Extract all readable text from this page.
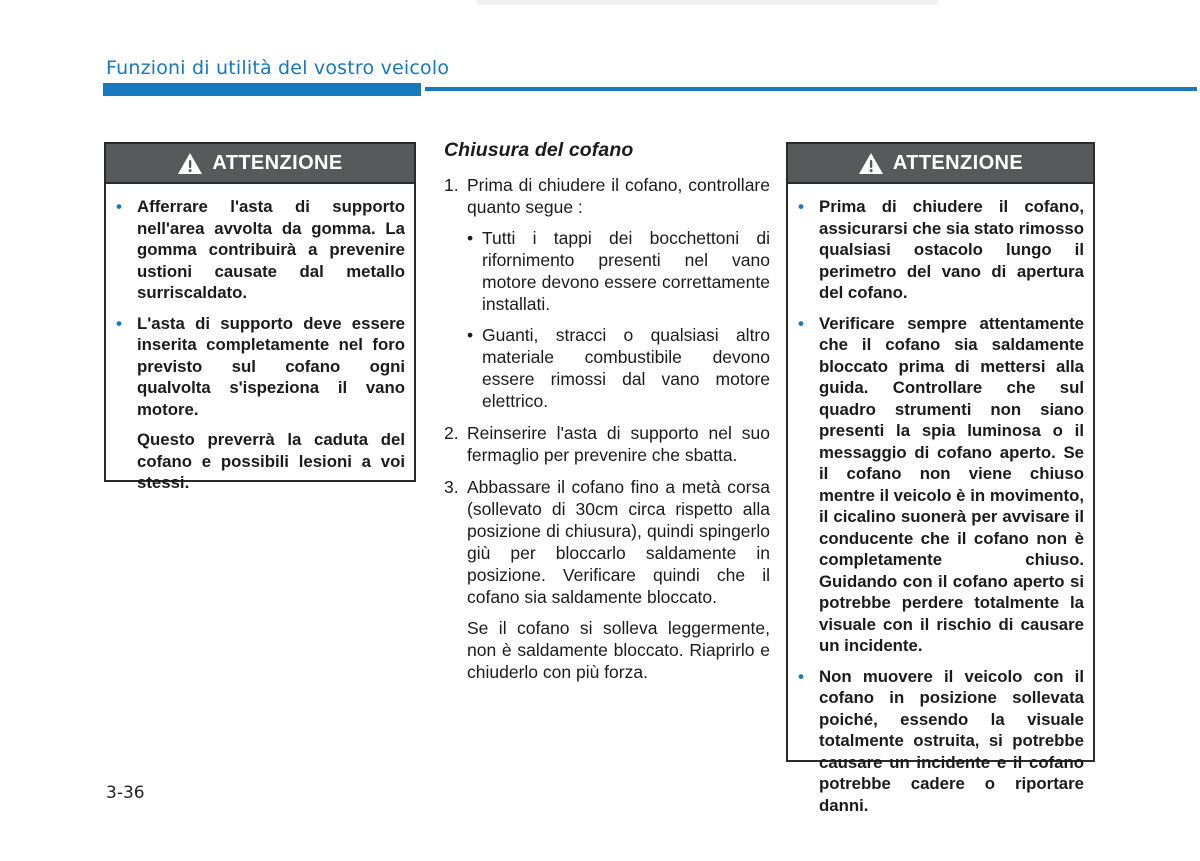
Funzioni di utilità del vostro veicolo
ATTENZIONE
• Afferrare l'asta di supporto nell'area avvolta da gomma. La gomma contribuirà a prevenire ustioni causate dal metallo surriscaldato.
• L'asta di supporto deve essere inserita completamente nel foro previsto sul cofano ogni qualvolta s'ispeziona il vano motore.
Questo preverrà la caduta del cofano e possibili lesioni a voi stessi.
Chiusura del cofano
1. Prima di chiudere il cofano, controllare quanto segue :
• Tutti i tappi dei bocchettoni di rifornimento presenti nel vano motore devono essere correttamente installati.
• Guanti, stracci o qualsiasi altro materiale combustibile devono essere rimossi dal vano motore elettrico.
2. Reinserire l'asta di supporto nel suo fermaglio per prevenire che sbatta.
3. Abbassare il cofano fino a metà corsa (sollevato di 30cm circa rispetto alla posizione di chiusura), quindi spingerlo giù per bloccarlo saldamente in posizione. Verificare quindi che il cofano sia saldamente bloccato.
Se il cofano si solleva leggermente, non è saldamente bloccato. Riaprirlo e chiuderlo con più forza.
ATTENZIONE
• Prima di chiudere il cofano, assicurarsi che sia stato rimosso qualsiasi ostacolo lungo il perimetro del vano di apertura del cofano.
• Verificare sempre attentamente che il cofano sia saldamente bloccato prima di mettersi alla guida. Controllare che sul quadro strumenti non siano presenti la spia luminosa o il messaggio di cofano aperto. Se il cofano non viene chiuso mentre il veicolo è in movimento, il cicalino suonerà per avvisare il conducente che il cofano non è completamente chiuso. Guidando con il cofano aperto si potrebbe perdere totalmente la visuale con il rischio di causare un incidente.
• Non muovere il veicolo con il cofano in posizione sollevata poiché, essendo la visuale totalmente ostruita, si potrebbe causare un incidente e il cofano potrebbe cadere o riportare danni.
3-36
